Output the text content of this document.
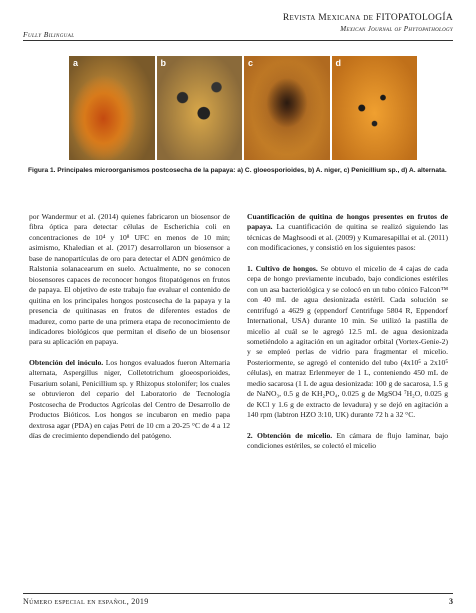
Fully Bilingual
Revista Mexicana de FITOPATOLOGÍA
Mexican Journal of Phytopathology
a	b	c	d
Figura 1. Principales microorganismos postcosecha de la papaya: a) C. gloeosporioides, b) A. niger, c) Penicillium sp., d) A. alternata.

por Wandermur et al. (2014) quienes fabricaron un biosensor de fibra óptica para detectar células de Escherichia coli en concentraciones de 10⁴ y 10⁸ UFC en menos de 10 min; asimismo, Khaledian et al. (2017) desarrollaron un biosensor a base de nanopartículas de oro para detectar el ADN genómico de Ralstonia solanacearum en suelo. Actualmente, no se conocen biosensores capaces de reconocer hongos fitopatógenos en frutos de papaya. El objetivo de este trabajo fue evaluar el contenido de quitina en los principales hongos postcosecha de la papaya y la presencia de quitinasas en frutos de diferentes estados de madurez, como parte de una primera etapa de reconocimiento de indicadores biológicos que permitan el diseño de un biosensor para su aplicación en papaya.

Obtención del inóculo. Los hongos evaluados fueron Alternaria alternata, Aspergillus niger, Colletotrichum gloeosporioides, Fusarium solani, Penicillium sp. y Rhizopus stolonifer; los cuales se obtuvieron del cepario del Laboratorio de Tecnología Postcosecha de Productos Agrícolas del Centro de Desarrollo de Productos Bióticos. Los hongos se incubaron en medio papa dextrosa agar (PDA) en cajas Petri de 10 cm a 20-25 °C de 4 a 12 días de crecimiento dependiendo del patógeno.

Cuantificación de quitina de hongos presentes en frutos de papaya. La cuantificación de quitina se realizó siguiendo las técnicas de Maghsoodi et al. (2009) y Kumaresapillai et al. (2011) con modificaciones, y consistió en los siguientes pasos:

1. Cultivo de hongos. Se obtuvo el micelio de 4 cajas de cada cepa de hongo previamente incubado, bajo condiciones estériles con un asa bacteriológica y se colocó en un tubo cónico Falcon™ con 40 mL de agua desionizada estéril. Cada solución se centrifugó a 4629 g (eppendorf Centrifuge 5804 R, Eppendorf International, USA) durante 10 min. Se utilizó la pastilla de micelio al cuál se le agregó 12.5 mL de agua desionizada sometiéndolo a agitación en un agitador orbital (Vortex-Genie-2) y se empleó perlas de vidrio para fragmentar el micelio. Posteriormente, se agregó el contenido del tubo (4x10⁵ a 2x10⁵ células), en matraz Erlenmeyer de 1 L, conteniendo 450 mL de medio sacarosa (1 L de agua desionizada: 100 g de sacarosa, 1.5 g de NaNO₃, 0.5 g de KH₂PO₄, 0.025 g de MgSO4 ⁷H₂O, 0.025 g de KCl y 1.6 g de extracto de levadura) y se dejó en agitación a 140 rpm (labtron HZO 3:10, UK) durante 72 h a 32 °C.

2. Obtención de micelio. En cámara de flujo laminar, bajo condiciones estériles, se colectó el micelio

Número especial en español, 2019	3
